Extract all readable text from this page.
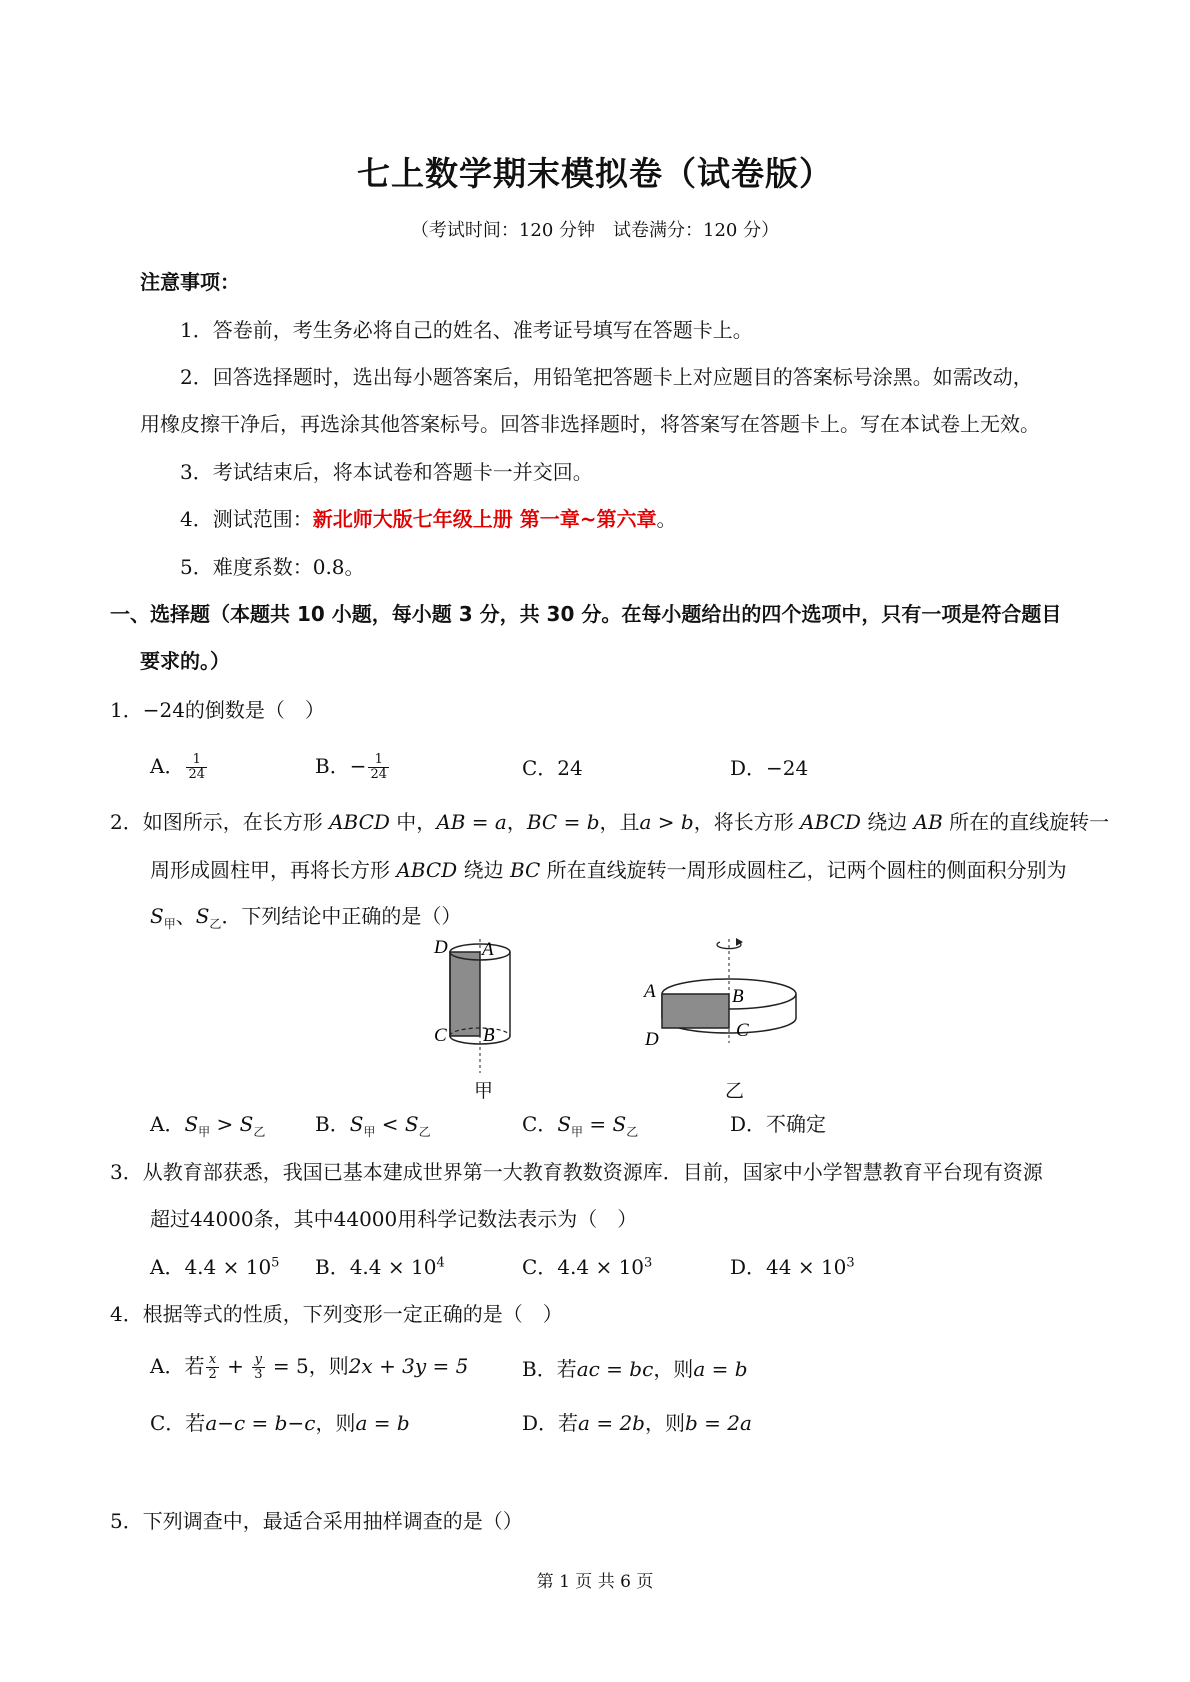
七上数学期末模拟卷（试卷版）
（考试时间：120 分钟　试卷满分：120 分）
注意事项：
1．答卷前，考生务必将自己的姓名、准考证号填写在答题卡上。
2．回答选择题时，选出每小题答案后，用铅笔把答题卡上对应题目的答案标号涂黑。如需改动，
用橡皮擦干净后，再选涂其他答案标号。回答非选择题时，将答案写在答题卡上。写在本试卷上无效。
3．考试结束后，将本试卷和答题卡一并交回。
4．测试范围：新北师大版七年级上册 第一章~第六章。
5．难度系数：0.8。
一、选择题（本题共 10 小题，每小题 3 分，共 30 分。在每小题给出的四个选项中，只有一项是符合题目
要求的。）
1．−24的倒数是（　）
A． $\frac{1}{24}$	B．− $\frac{1}{24}$	C．24	D．−24
2．如图所示，在长方形 ABCD 中，AB = a，BC = b，且a > b，将长方形 ABCD 绕边 AB 所在的直线旋转一
周形成圆柱甲，再将长方形 ABCD 绕边 BC 所在直线旋转一周形成圆柱乙，记两个圆柱的侧面积分别为
$S_甲$、$S_乙$．下列结论中正确的是（）
D A
C B
甲
A	B
D	C
乙
A．$S_甲 > S_乙$ B．$S_甲 < S_乙$	C．$S_甲 = S_乙$	D．不确定
3．从教育部获悉，我国已基本建成世界第一大教育教数资源库．目前，国家中小学智慧教育平台现有资源
超过44000条，其中44000用科学记数法表示为（　）
A．$4.4 \times 10^5$ B．$4.4 \times 10^4$	C．$4.4 \times 10^3$	D．$44 \times 10^3$
4．根据等式的性质，下列变形一定正确的是（　）
A．若 $\frac{x}{2} + \frac{y}{3} = 5$，则2x + 3y = 5	B．若ac = bc，则a = b
C．若a−c = b−c，则a = b	D．若a = 2b，则b = 2a
5．下列调查中，最适合采用抽样调查的是（）
第 1 页 共 6 页
